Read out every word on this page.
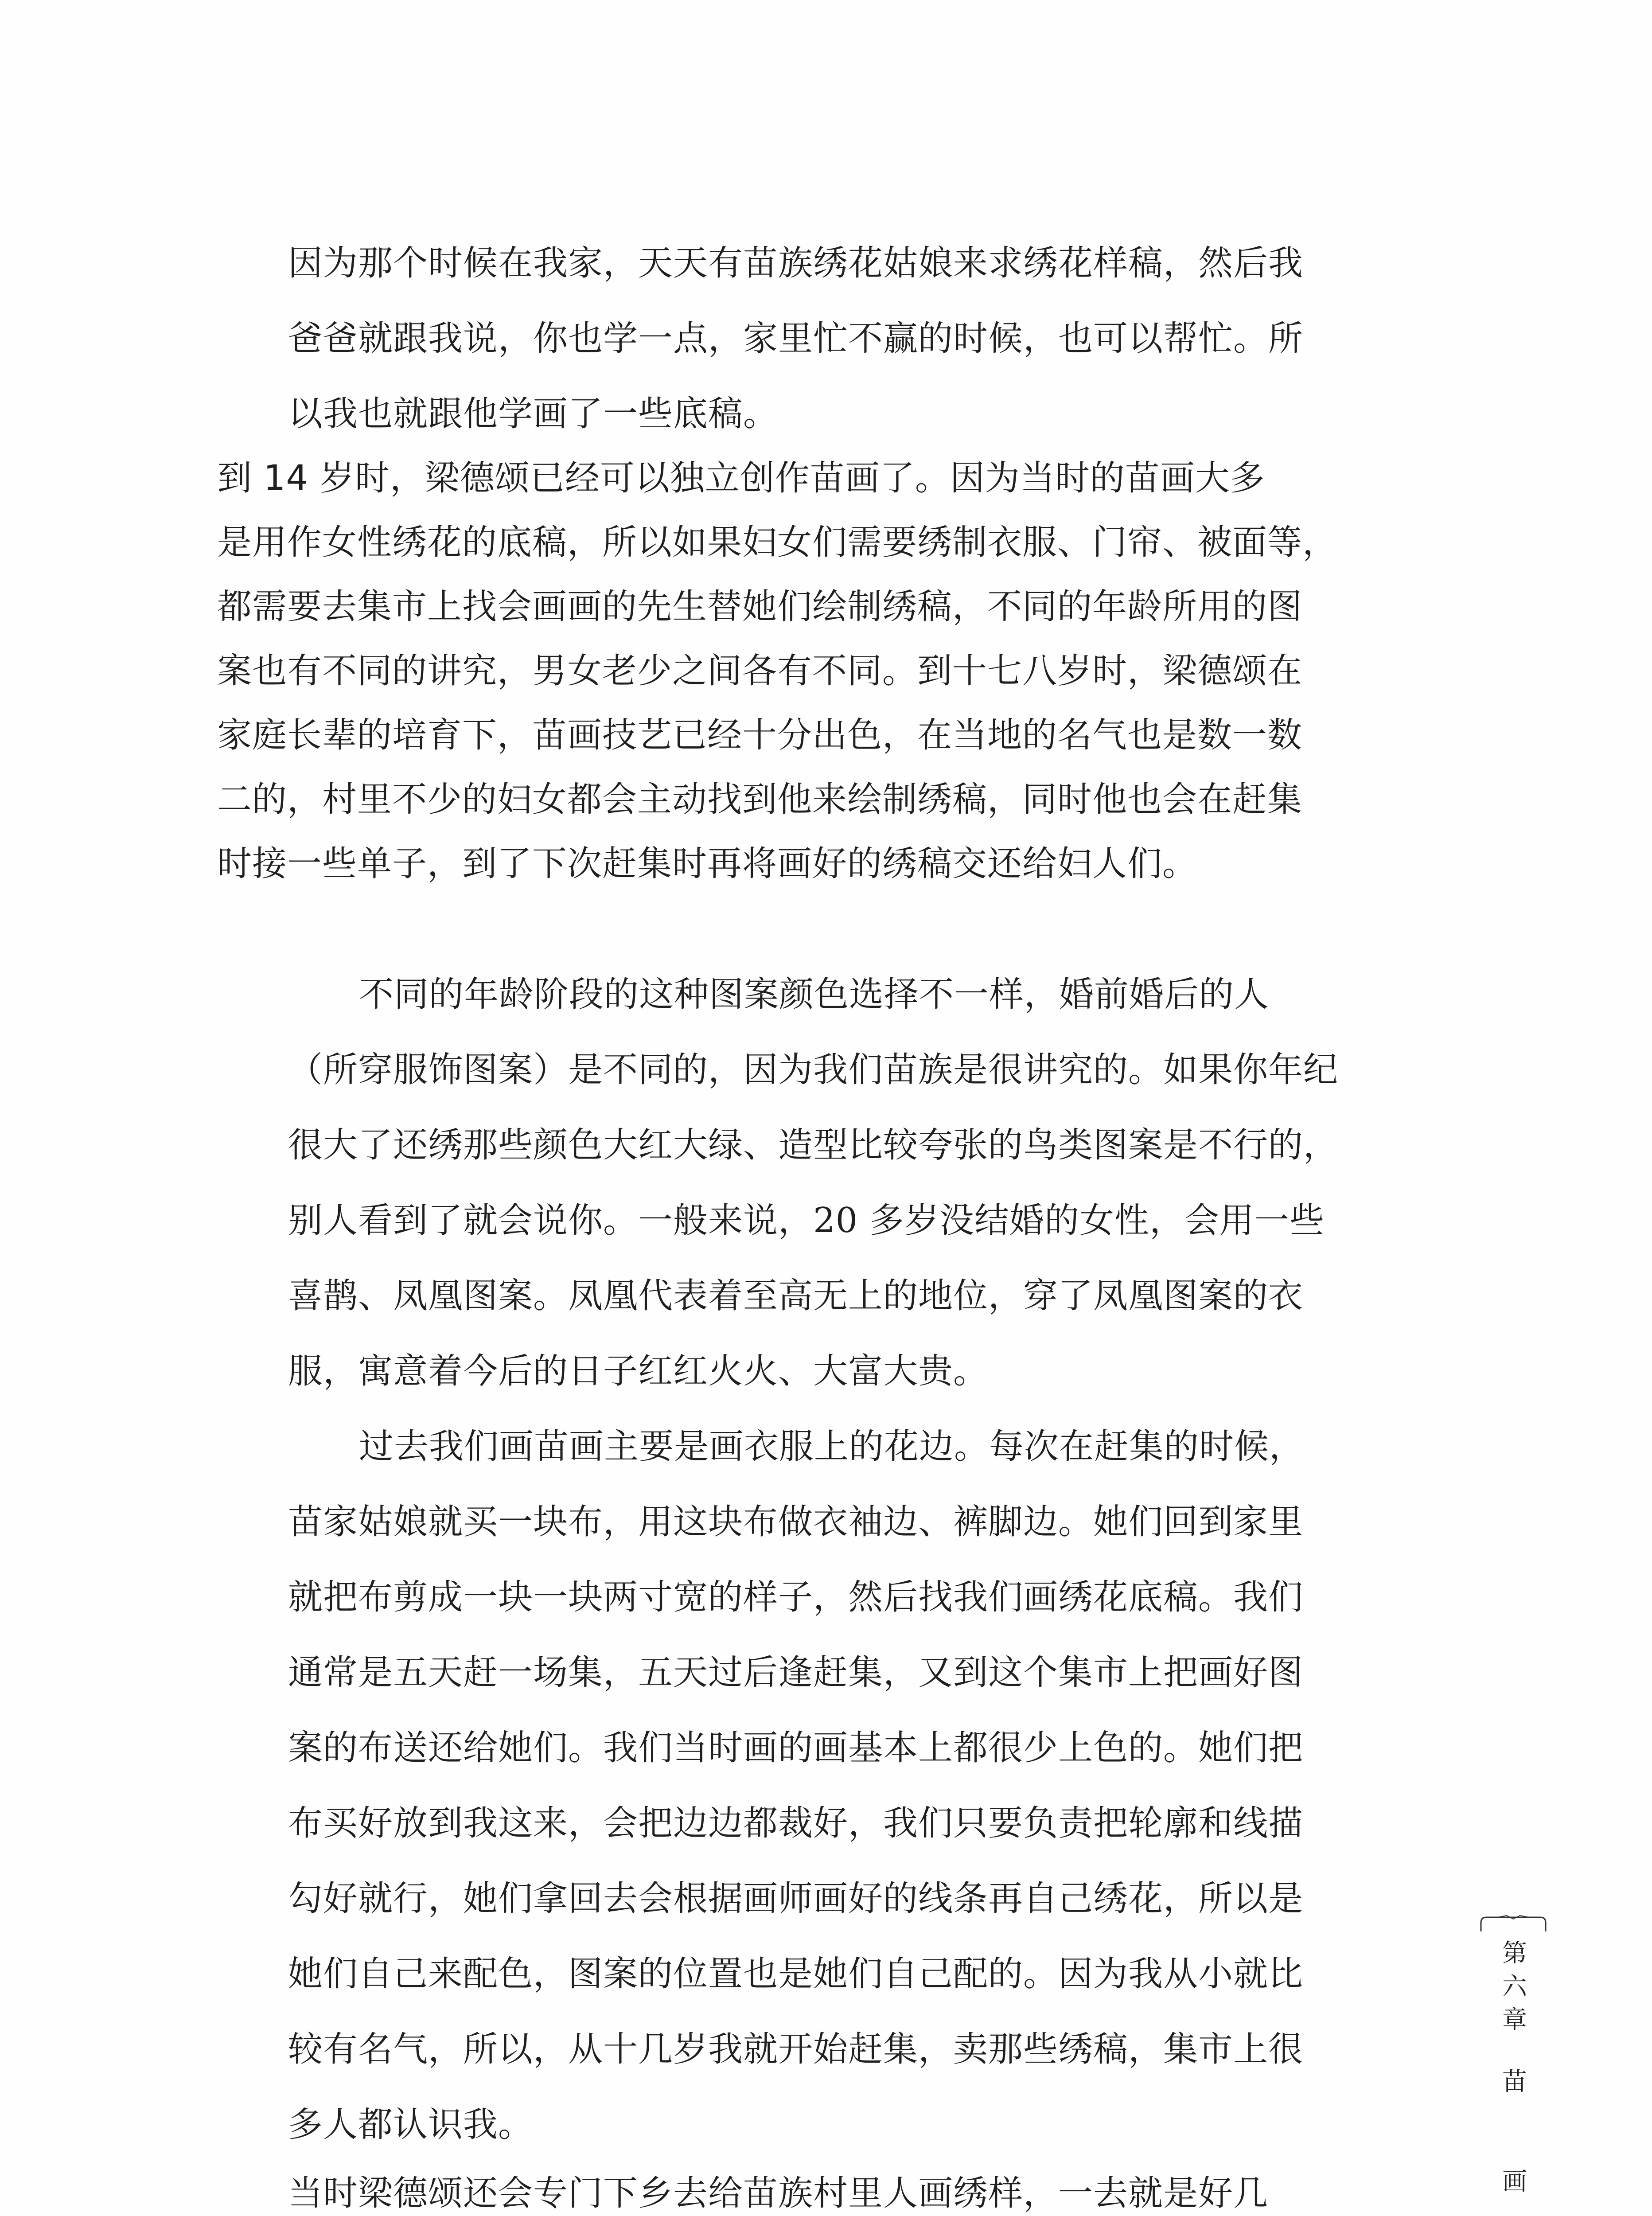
因为那个时候在我家，天天有苗族绣花姑娘来求绣花样稿，然后我
爸爸就跟我说，你也学一点，家里忙不赢的时候，也可以帮忙。所
以我也就跟他学画了一些底稿。
到 14 岁时，梁德颂已经可以独立创作苗画了。因为当时的苗画大多
是用作女性绣花的底稿，所以如果妇女们需要绣制衣服、门帘、被面等，
都需要去集市上找会画画的先生替她们绘制绣稿，不同的年龄所用的图
案也有不同的讲究，男女老少之间各有不同。到十七八岁时，梁德颂在
家庭长辈的培育下，苗画技艺已经十分出色，在当地的名气也是数一数
二的，村里不少的妇女都会主动找到他来绘制绣稿，同时他也会在赶集
时接一些单子，到了下次赶集时再将画好的绣稿交还给妇人们。
不同的年龄阶段的这种图案颜色选择不一样，婚前婚后的人
（所穿服饰图案）是不同的，因为我们苗族是很讲究的。如果你年纪
很大了还绣那些颜色大红大绿、造型比较夸张的鸟类图案是不行的，
别人看到了就会说你。一般来说，20 多岁没结婚的女性，会用一些
喜鹊、凤凰图案。凤凰代表着至高无上的地位，穿了凤凰图案的衣
服，寓意着今后的日子红红火火、大富大贵。
过去我们画苗画主要是画衣服上的花边。每次在赶集的时候，
苗家姑娘就买一块布，用这块布做衣袖边、裤脚边。她们回到家里
就把布剪成一块一块两寸宽的样子，然后找我们画绣花底稿。我们
通常是五天赶一场集，五天过后逢赶集，又到这个集市上把画好图
案的布送还给她们。我们当时画的画基本上都很少上色的。她们把
布买好放到我这来，会把边边都裁好，我们只要负责把轮廓和线描
勾好就行，她们拿回去会根据画师画好的线条再自己绣花，所以是
她们自己来配色，图案的位置也是她们自己配的。因为我从小就比
较有名气，所以，从十几岁我就开始赶集，卖那些绣稿，集市上很
多人都认识我。
当时梁德颂还会专门下乡去给苗族村里人画绣样，一去就是好几
第
六
章
苗
画
